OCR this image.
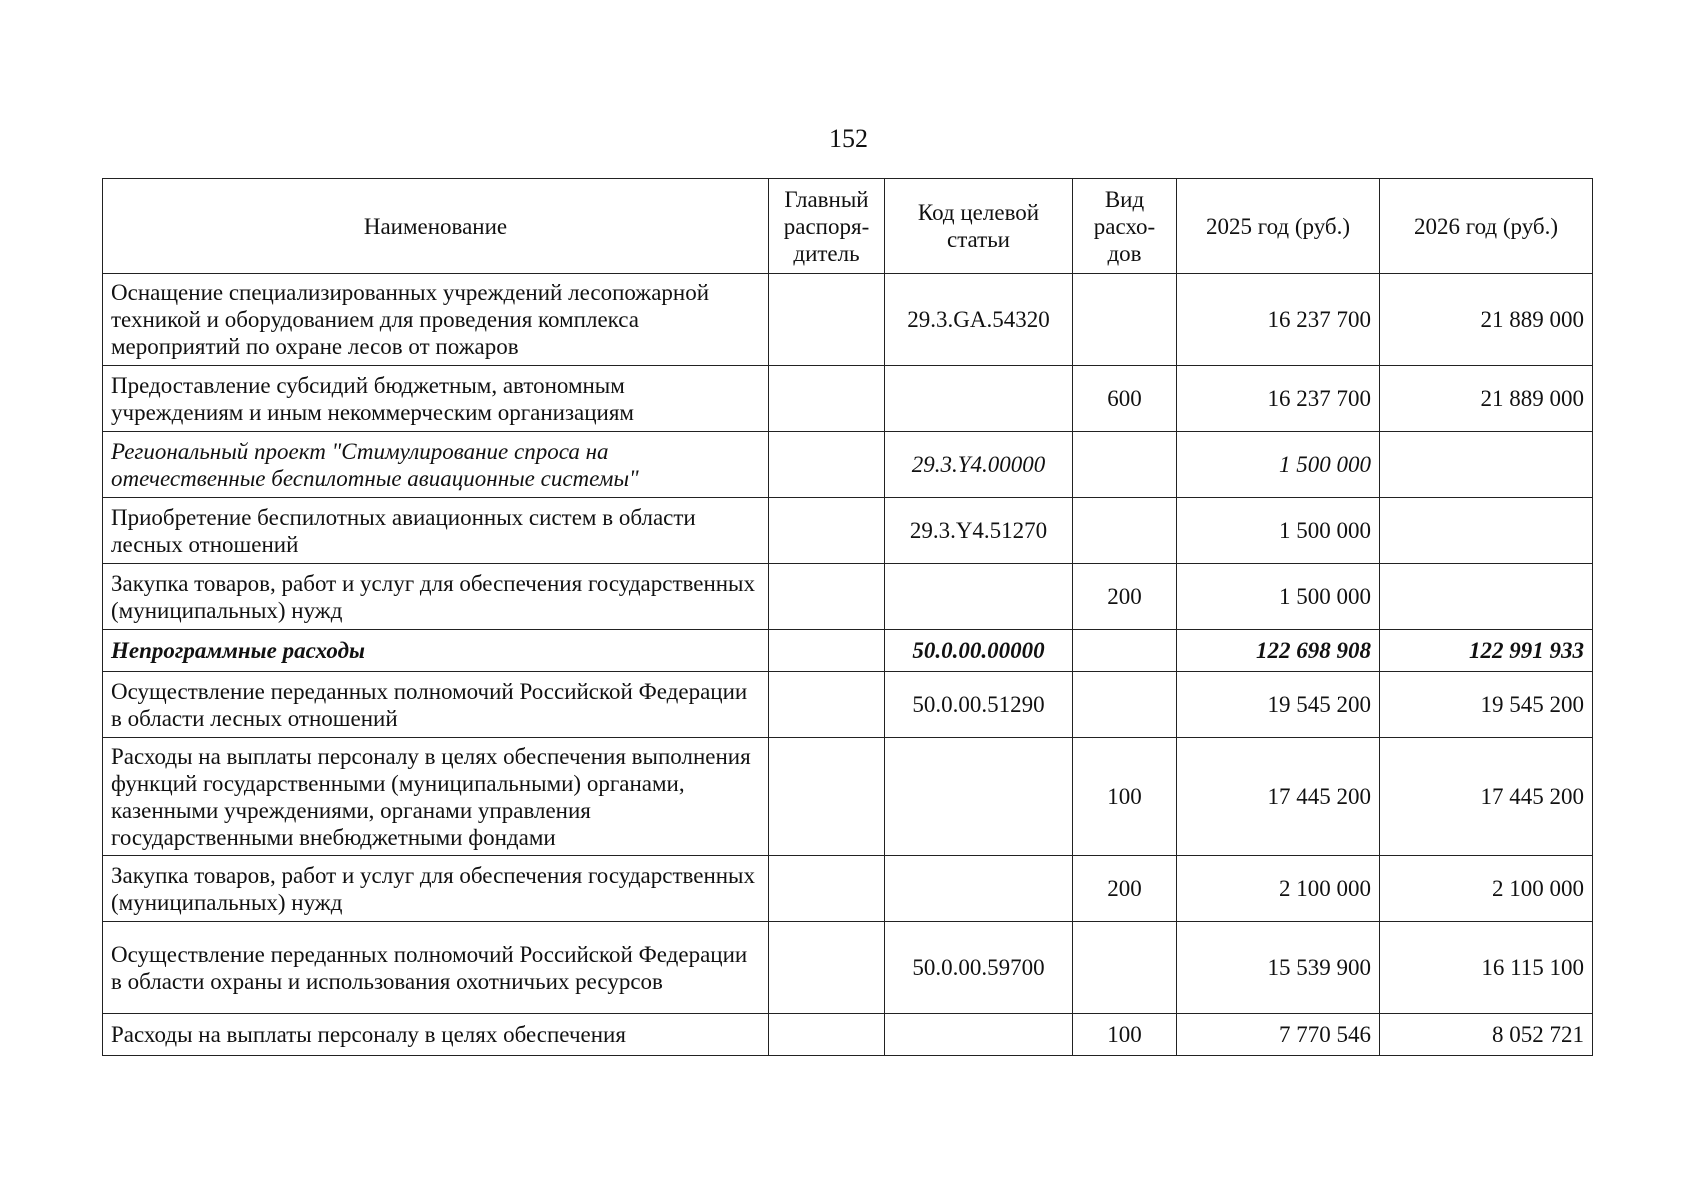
152
Наименование	Главный распоря-дитель	Код целевой статьи	Вид расхо-дов	2025 год (руб.)	2026 год (руб.)
Оснащение специализированных учреждений лесопожарной техникой и оборудованием для проведения комплекса мероприятий по охране лесов от пожаров		29.3.GA.54320		16 237 700	21 889 000
Предоставление субсидий бюджетным, автономным учреждениям и иным некоммерческим организациям			600	16 237 700	21 889 000
Региональный проект "Стимулирование спроса на отечественные беспилотные авиационные системы"		29.3.Y4.00000		1 500 000	
Приобретение беспилотных авиационных систем в области лесных отношений		29.3.Y4.51270		1 500 000	
Закупка товаров, работ и услуг для обеспечения государственных (муниципальных) нужд			200	1 500 000	
Непрограммные расходы		50.0.00.00000		122 698 908	122 991 933
Осуществление переданных полномочий Российской Федерации в области лесных отношений		50.0.00.51290		19 545 200	19 545 200
Расходы на выплаты персоналу в целях обеспечения выполнения функций государственными (муниципальными) органами, казенными учреждениями, органами управления государственными внебюджетными фондами			100	17 445 200	17 445 200
Закупка товаров, работ и услуг для обеспечения государственных (муниципальных) нужд			200	2 100 000	2 100 000
Осуществление переданных полномочий Российской Федерации в области охраны и использования охотничьих ресурсов		50.0.00.59700		15 539 900	16 115 100
Расходы на выплаты персоналу в целях обеспечения			100	7 770 546	8 052 721
